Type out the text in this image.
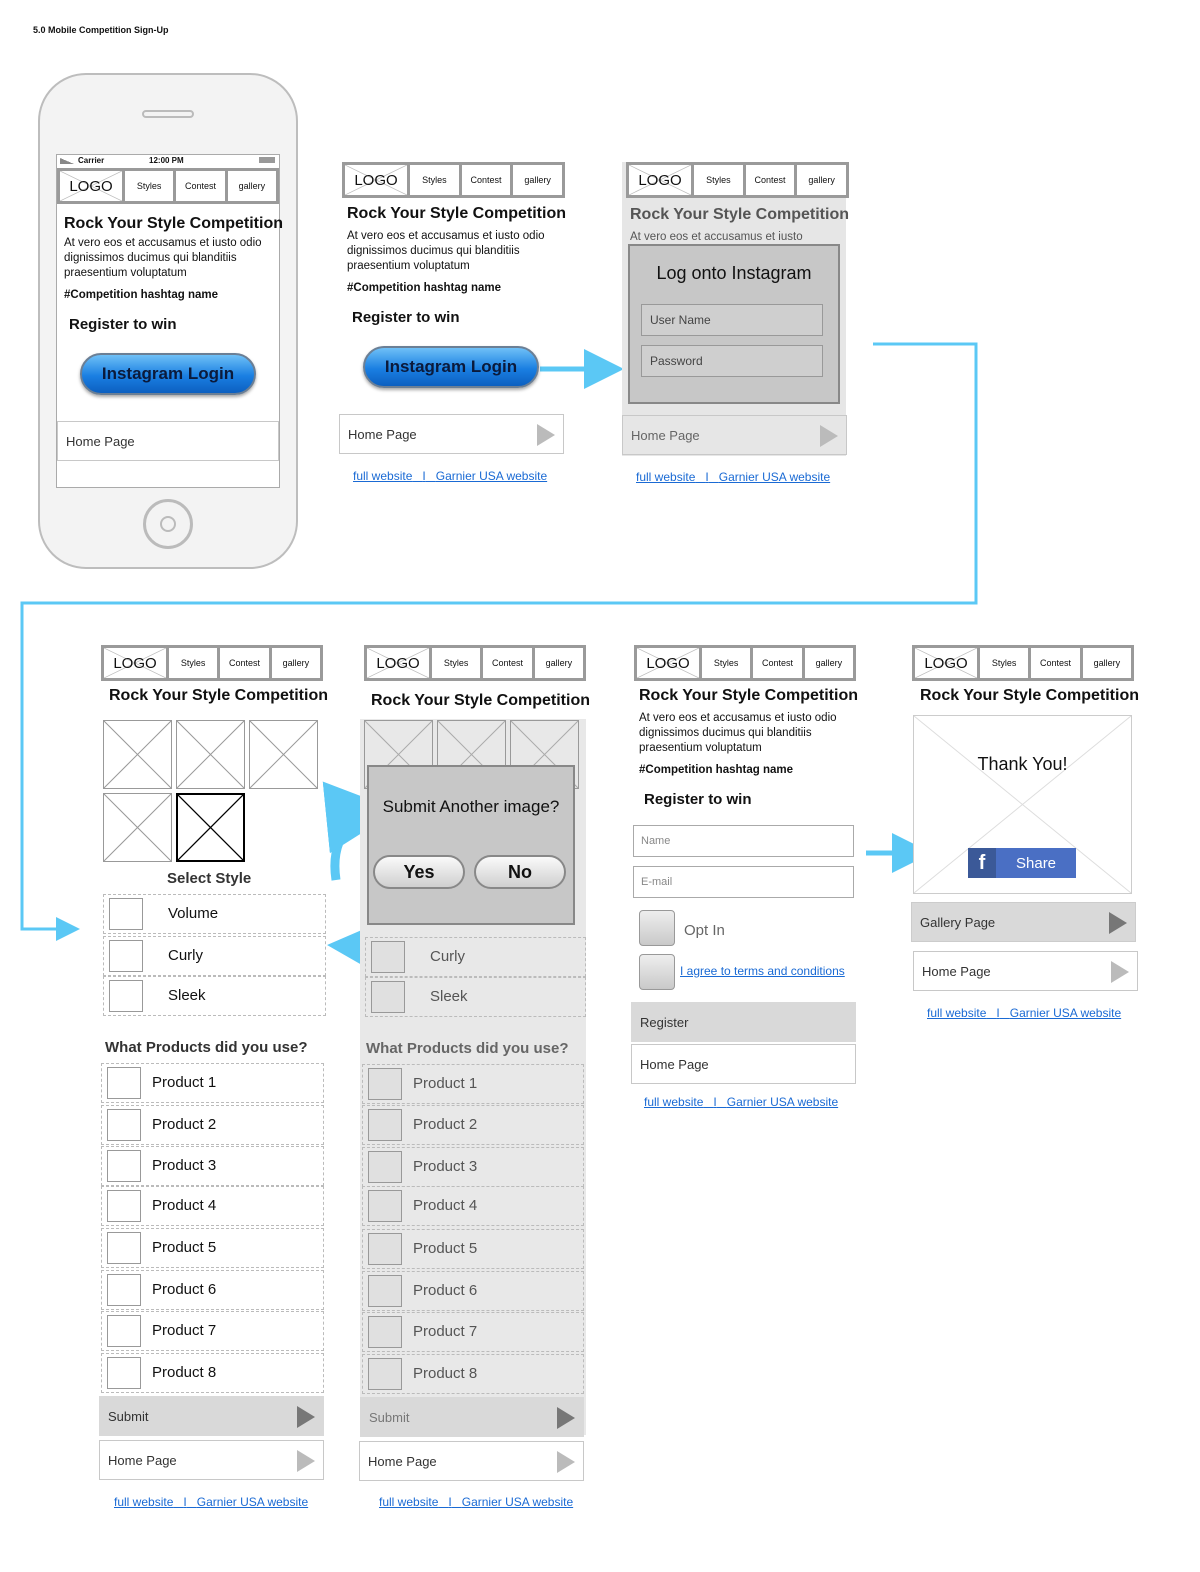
5.0 Mobile Competition Sign-Up
Carrier	12:00 PM
LOGO	Styles	Contest	gallery
Rock Your Style Competition
At vero eos et accusamus et iusto odio dignissimos ducimus qui blanditiis praesentium voluptatum
#Competition hashtag name
Register to win
Instagram Login
Home Page
LOGO	Styles	Contest	gallery
Rock Your Style Competition
At vero eos et accusamus et iusto odio dignissimos ducimus qui blanditiis praesentium voluptatum
#Competition hashtag name
Register to win
Instagram Login
Home Page
full website I Garnier USA website
LOGO	Styles	Contest	gallery
Rock Your Style Competition
At vero eos et accusamus et iusto
Log onto Instagram
User Name
Password
Home Page
full website I Garnier USA website
LOGO	Styles	Contest	gallery
Rock Your Style Competition
Select Style
Volume
Curly
Sleek
What Products did you use?
Product 1
Product 2
Product 3
Product 4
Product 5
Product 6
Product 7
Product 8
Submit
Home Page
full website I Garnier USA website
LOGO	Styles	Contest	gallery
Rock Your Style Competition
Curly
Sleek
What Products did you use?
Product 1
Product 2
Product 3
Product 4
Product 5
Product 6
Product 7
Product 8
Submit
Submit Another image?
Yes	No
Home Page
full website I Garnier USA website
LOGO	Styles	Contest	gallery
Rock Your Style Competition
At vero eos et accusamus et iusto odio dignissimos ducimus qui blanditiis praesentium voluptatum
#Competition hashtag name
Register to win
Name
E-mail
Opt In
I agree to terms and conditions
Register
Home Page
full website I Garnier USA website
LOGO	Styles	Contest	gallery
Rock Your Style Competition
Thank You!
f	Share
Gallery Page
Home Page
full website I Garnier USA website
